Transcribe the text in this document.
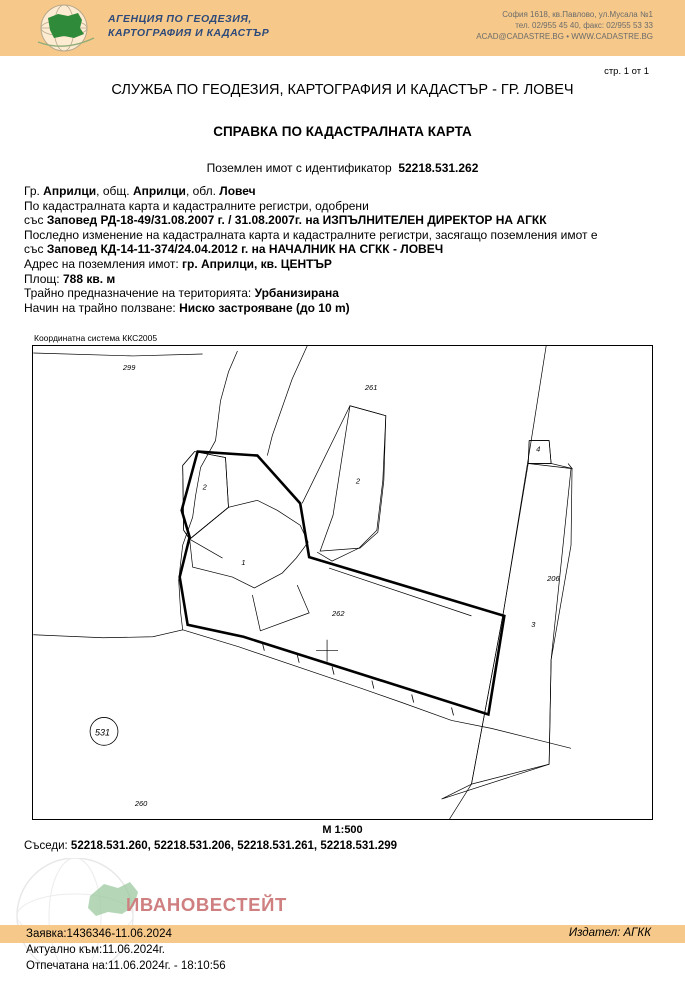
АГЕНЦИЯ ПО ГЕОДЕЗИЯ,
КАРТОГРАФИЯ И КАДАСТЪР
София 1618, кв.Павлово, ул.Мусала №1
тел. 02/955 45 40, факс: 02/955 53 33
ACAD@CADASTRE.BG • WWW.CADASTRE.BG
стр. 1 от 1
СЛУЖБА ПО ГЕОДЕЗИЯ, КАРТОГРАФИЯ И КАДАСТЪР - ГР. ЛОВЕЧ
СПРАВКА ПО КАДАСТРАЛНАТА КАРТА
Поземлен имот с идентификатор 52218.531.262
Гр. Априлци, общ. Априлци, обл. Ловеч
По кадастралната карта и кадастралните регистри, одобрени
със Заповед РД-18-49/31.08.2007 г. / 31.08.2007г. на ИЗПЪЛНИТЕЛЕН ДИРЕКТОР НА АГКК
Последно изменение на кадастралната карта и кадастралните регистри, засягащо поземления имот е
със Заповед КД-14-11-374/24.04.2012 г. на НАЧАЛНИК НА СГКК - ЛОВЕЧ
Адрес на поземления имот: гр. Априлци, кв. ЦЕНТЪР
Площ: 788 кв. м
Трайно предназначение на територията: Урбанизирана
Начин на трайно ползване: Ниско застрояване (до 10 m)
Координатна система ККС2005
299
261
262
206
260
1
2
2
3
4
531
М 1:500
Съседи: 52218.531.260, 52218.531.206, 52218.531.261, 52218.531.299
ИВАНОВЕСТЕЙТ
Издател: АГКК
Заявка:1436346-11.06.2024
Актуално към:11.06.2024г.
Отпечатана на:11.06.2024г. - 18:10:56
